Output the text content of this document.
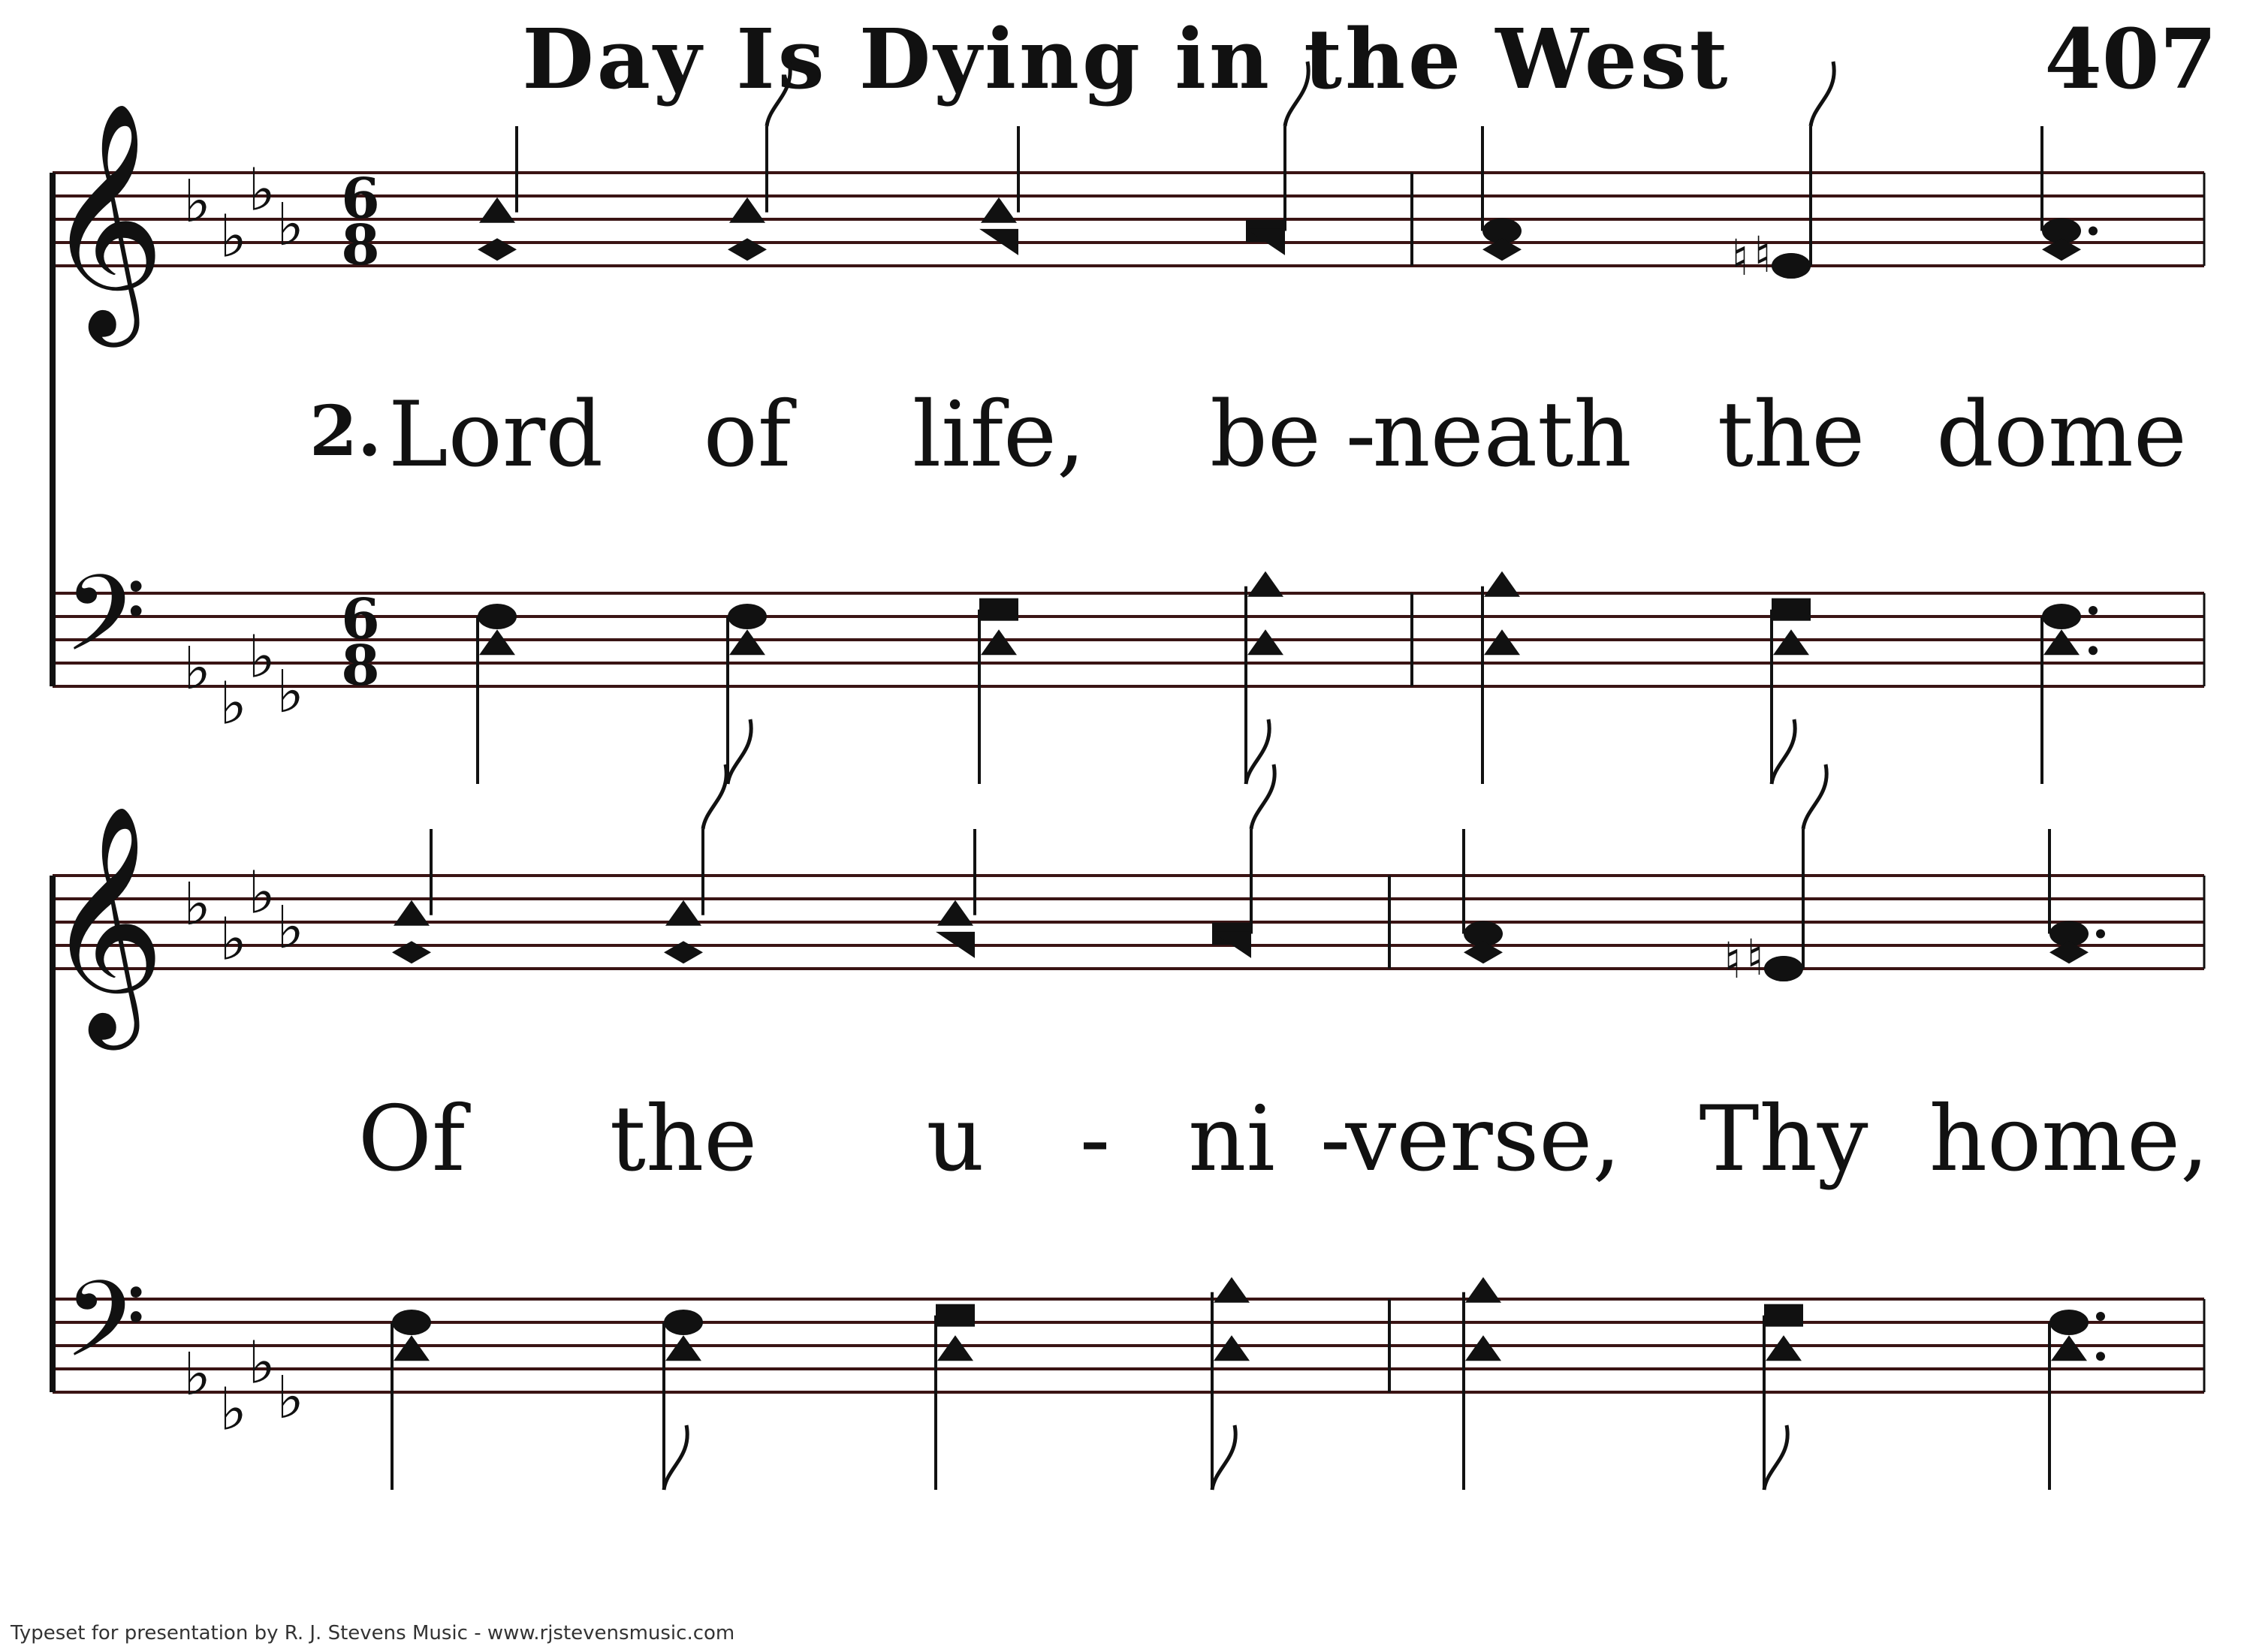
Day Is Dying in the West	407
𝄞
𝄢
♭
♭
♭
♭
♭
♭
♭
♭
6
8
6
8
♮ ♮
𝄞
𝄢
♭
♭
♭
♭
♭
♭
♭
♭
♮ ♮
2. Lord of life, be -
neath the dome
Of the u - ni -
verse, Thy home,
Typeset for presentation by R. J. Stevens Music - www.rjstevensmusic.com
